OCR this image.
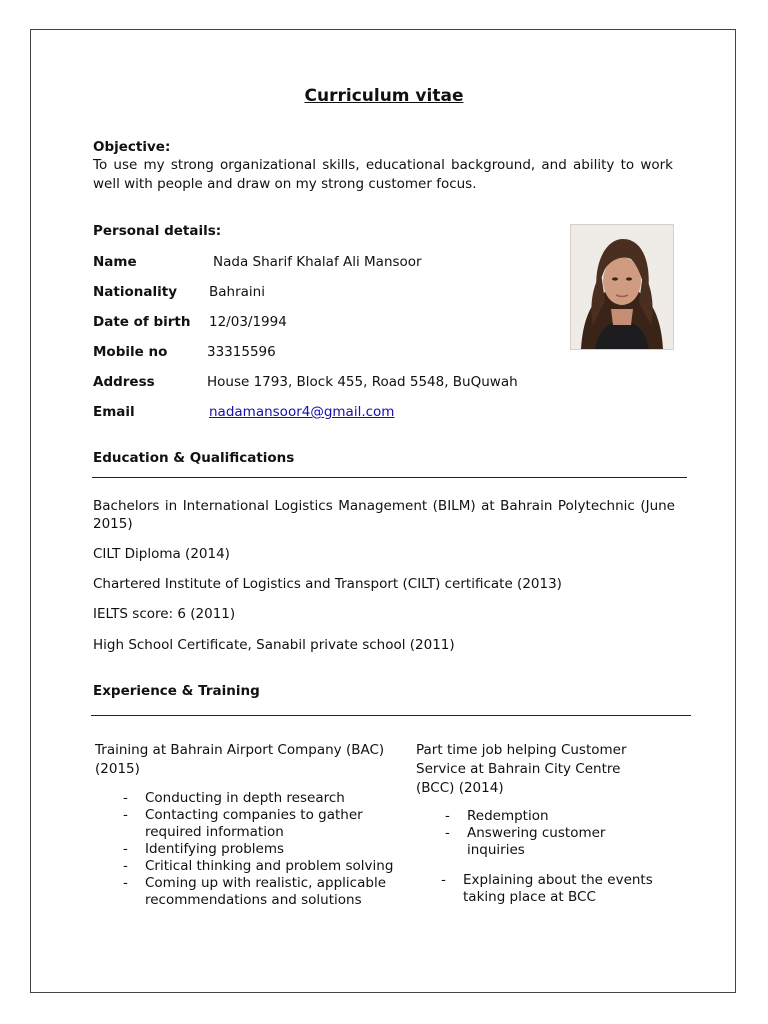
Curriculum vitae
Objective:
To use my strong organizational skills, educational background, and ability to work well with people and draw on my strong customer focus.
Personal details:
Name	Nada Sharif Khalaf Ali Mansoor
Nationality Bahraini
Date of birth 12/03/1994
Mobile no	33315596
Address	House 1793, Block 455, Road 5548, BuQuwah
Email	nadamansoor4@gmail.com
Education & Qualifications
Bachelors in International Logistics Management (BILM) at Bahrain Polytechnic (June 2015)
CILT Diploma (2014)
Chartered Institute of Logistics and Transport (CILT) certificate (2013)
IELTS score: 6 (2011)
High School Certificate, Sanabil private school (2011)
Experience & Training
Training at Bahrain Airport Company (BAC) (2015)
- Conducting in depth research
- Contacting companies to gather required information
- Identifying problems
- Critical thinking and problem solving
- Coming up with realistic, applicable recommendations and solutions
Part time job helping Customer Service at Bahrain City Centre (BCC) (2014)
- Redemption
- Answering customer inquiries
- Explaining about the events taking place at BCC
